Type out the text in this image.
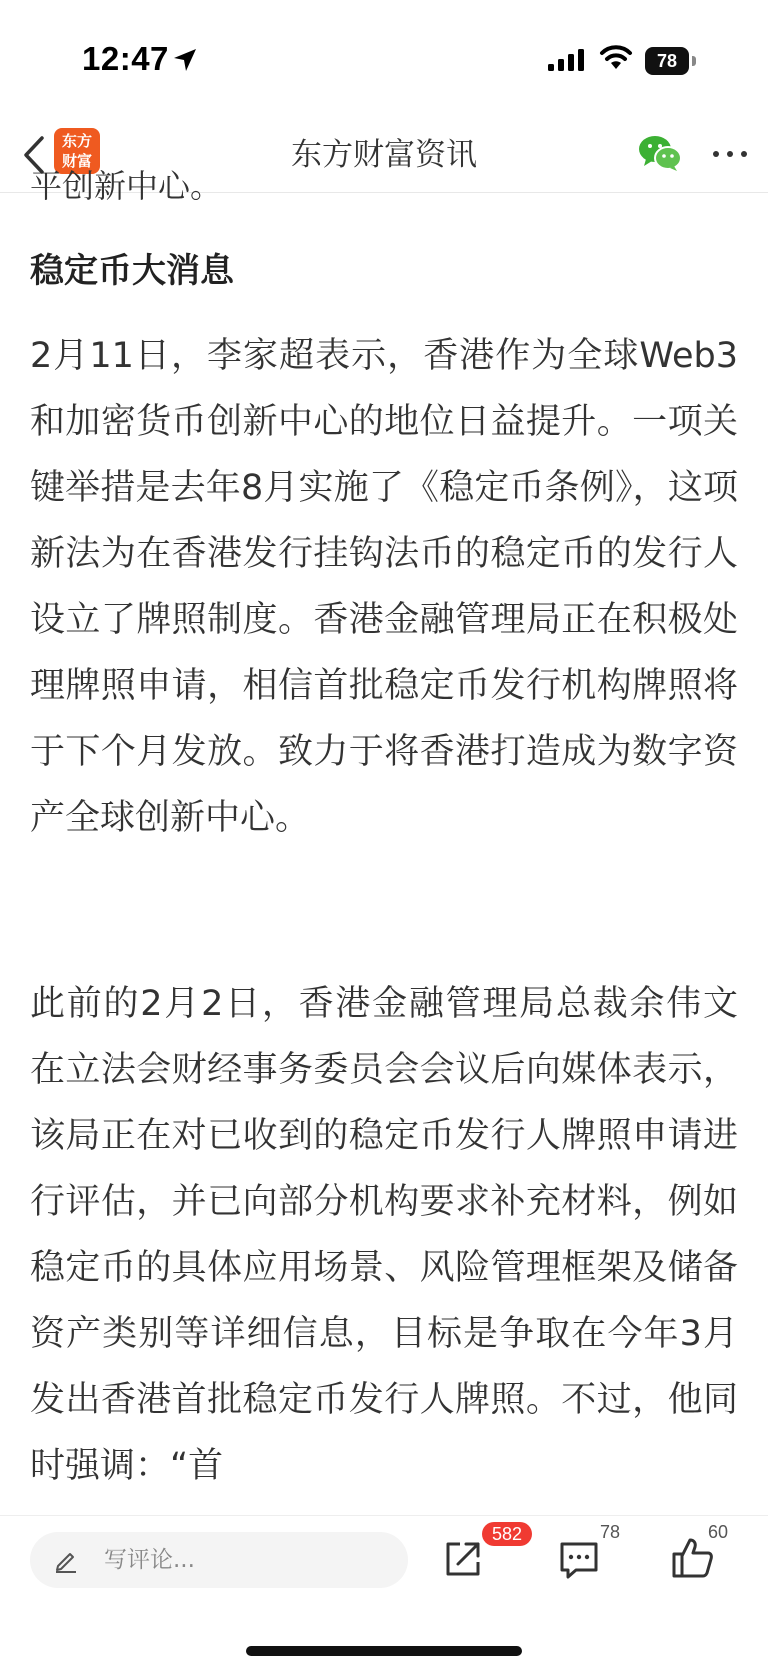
12:47	78
东方
财富	东方财富资讯
平创新中心。
稳定币大消息

2月11日，李家超表示，香港作为全球Web3和加密货币创新中心的地位日益提升。一项关键举措是去年8月实施了《稳定币条例》，这项新法为在香港发行挂钩法币的稳定币的发行人设立了牌照制度。香港金融管理局正在积极处理牌照申请，相信首批稳定币发行机构牌照将于下个月发放。致力于将香港打造成为数字资产全球创新中心。

此前的2月2日，香港金融管理局总裁余伟文在立法会财经事务委员会会议后向媒体表示，该局正在对已收到的稳定币发行人牌照申请进行评估，并已向部分机构要求补充材料，例如稳定币的具体应用场景、风险管理框架及储备资产类别等详细信息，目标是争取在今年3月发出香港首批稳定币发行人牌照。不过，他同时强调：“首

写评论...
582	78	60
